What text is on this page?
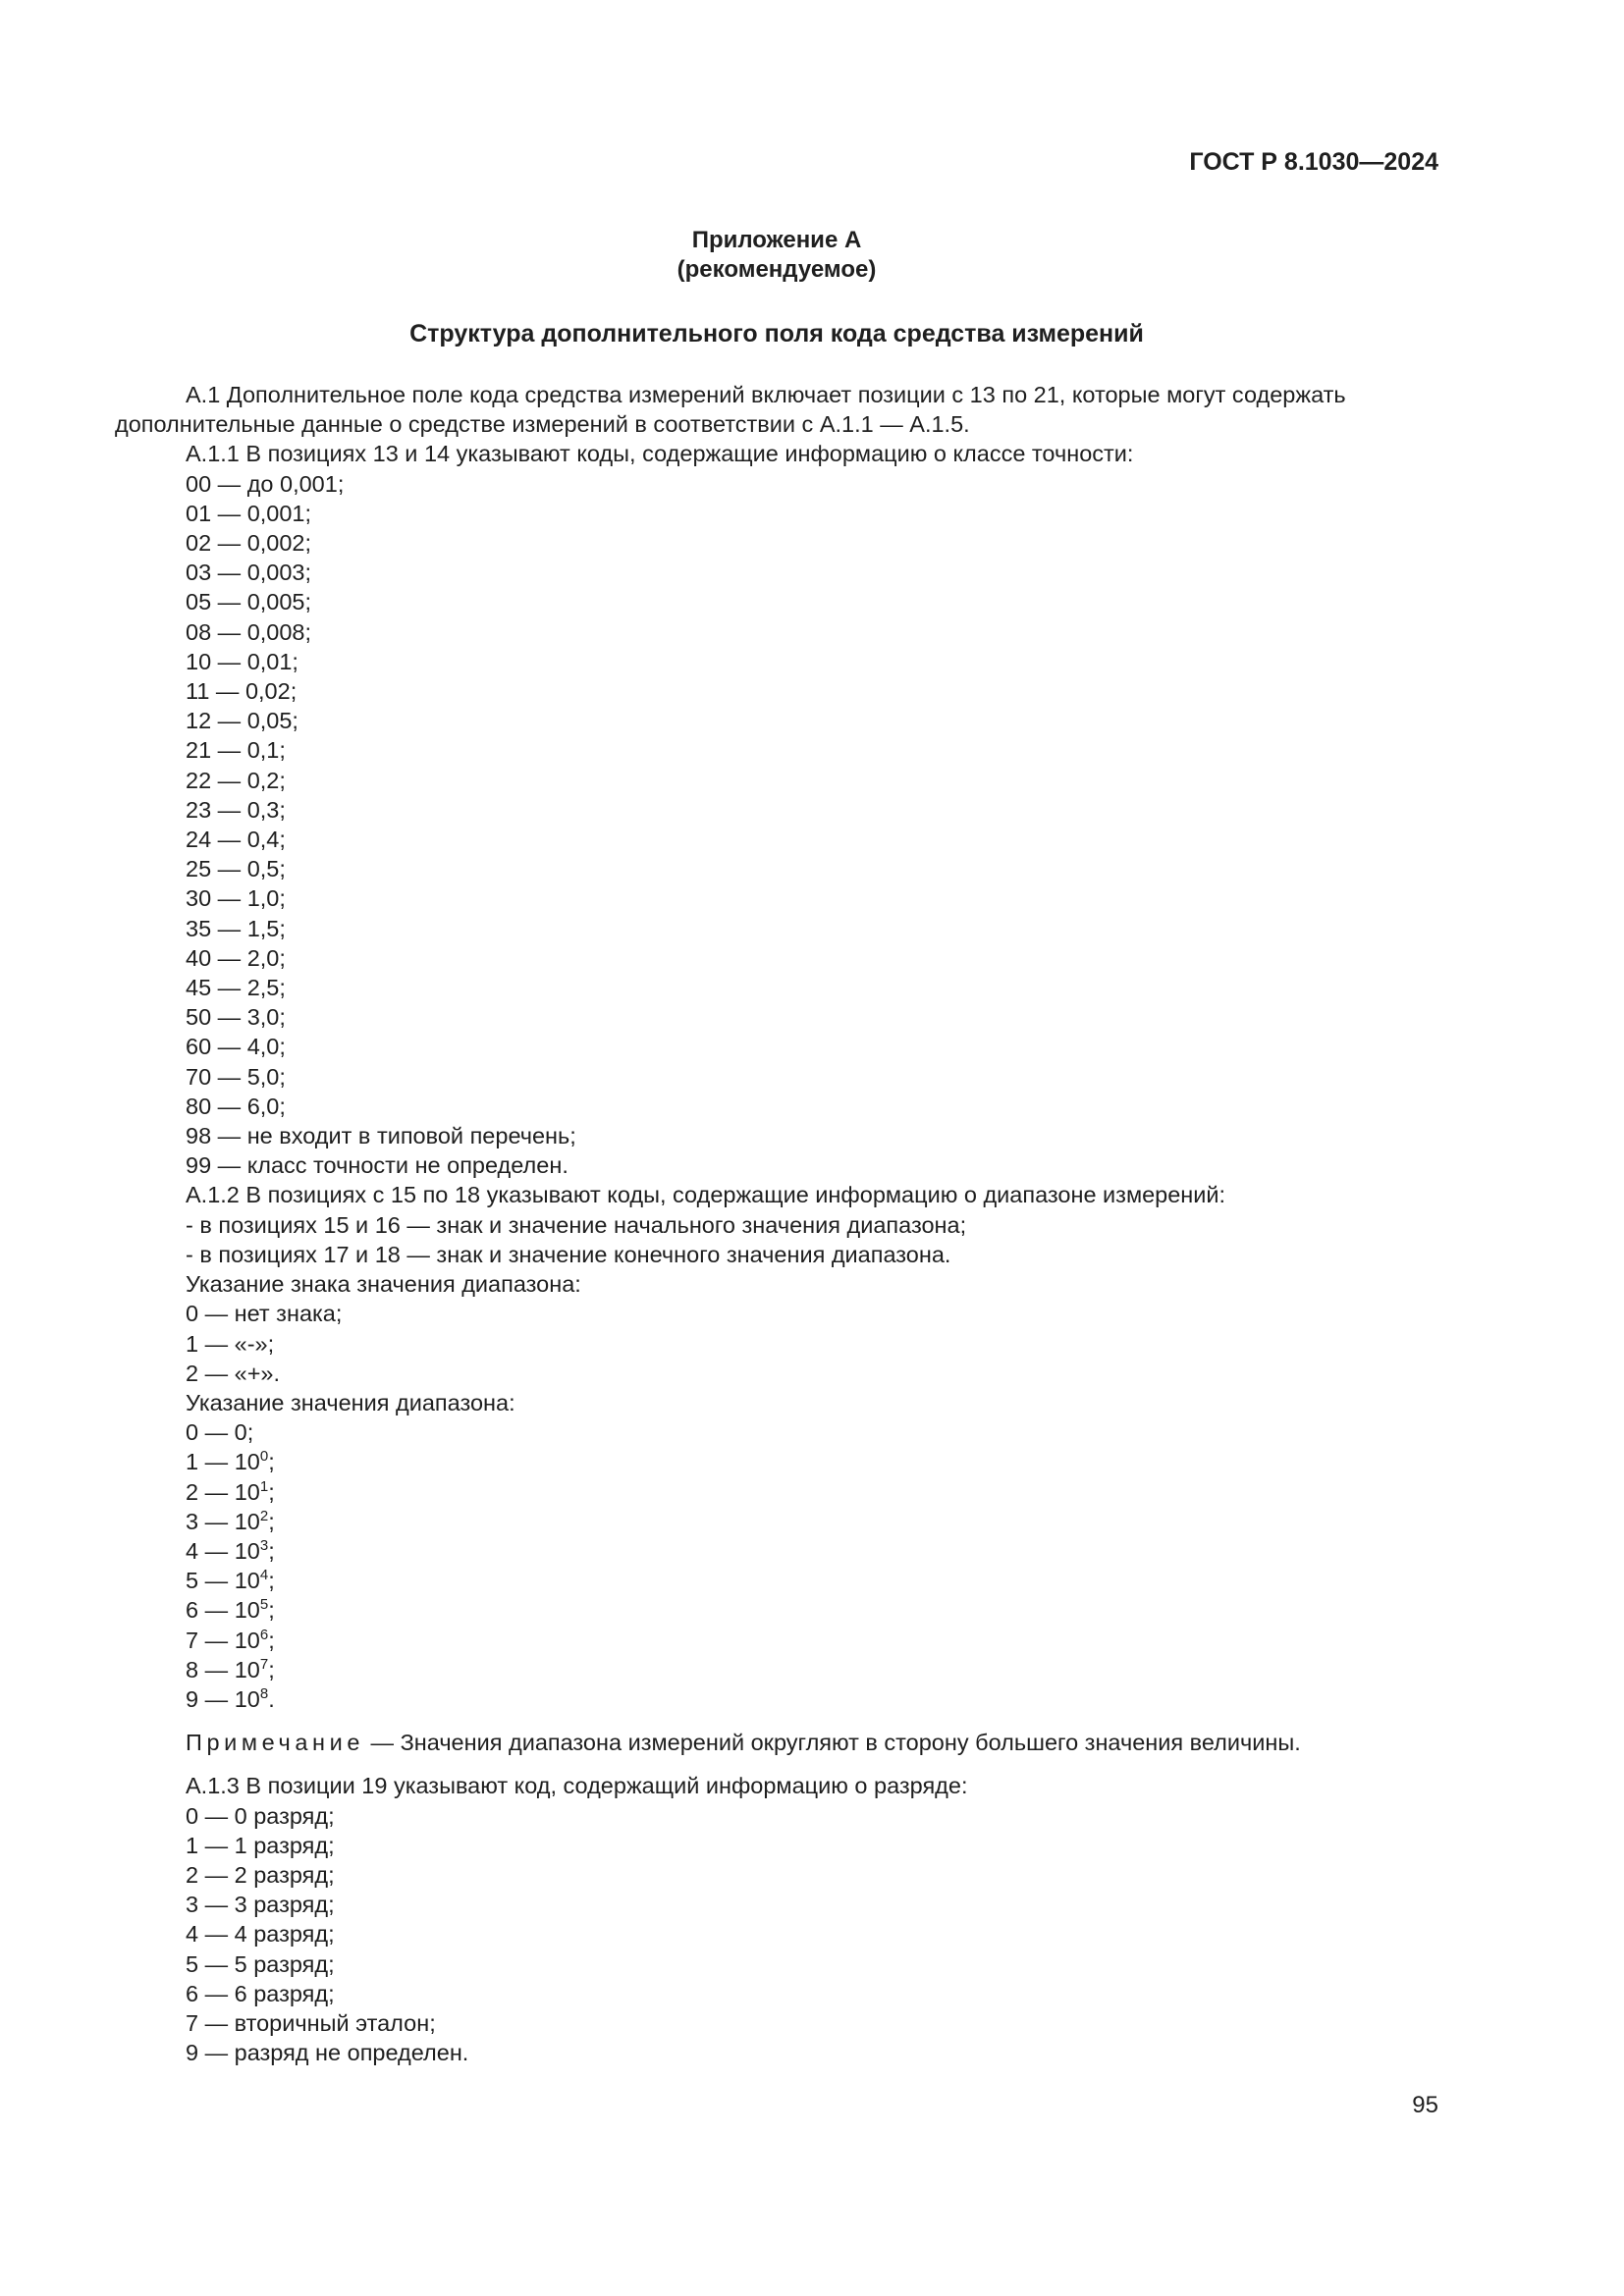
ГОСТ Р 8.1030—2024
Приложение А
(рекомендуемое)
Структура дополнительного поля кода средства измерений

А.1 Дополнительное поле кода средства измерений включает позиции с 13 по 21, которые могут содержать дополнительные данные о средстве измерений в соответствии с А.1.1 — А.1.5.

А.1.1 В позициях 13 и 14 указывают коды, содержащие информацию о классе точности:

00 — до 0,001;
01 — 0,001;
02 — 0,002;
03 — 0,003;
05 — 0,005;
08 — 0,008;
10 — 0,01;
11 — 0,02;
12 — 0,05;
21 — 0,1;
22 — 0,2;
23 — 0,3;
24 — 0,4;
25 — 0,5;
30 — 1,0;
35 — 1,5;
40 — 2,0;
45 — 2,5;
50 — 3,0;
60 — 4,0;
70 — 5,0;
80 — 6,0;
98 — не входит в типовой перечень;
99 — класс точности не определен.

А.1.2 В позициях с 15 по 18 указывают коды, содержащие информацию о диапазоне измерений:

- в позициях 15 и 16 — знак и значение начального значения диапазона;
- в позициях 17 и 18 — знак и значение конечного значения диапазона.
Указание знака значения диапазона:
0 — нет знака;
1 — «-»;
2 — «+».
Указание значения диапазона:
0 — 0;
1 — $10^0$;
2 — $10^1$;
3 — $10^2$;
4 — $10^3$;
5 — $10^4$;
6 — $10^5$;
7 — $10^6$;
8 — $10^7$;
9 — $10^8$.

Примечание — Значения диапазона измерений округляют в сторону большего значения величины.

А.1.3 В позиции 19 указывают код, содержащий информацию о разряде:

0 — 0 разряд;
1 — 1 разряд;
2 — 2 разряд;
3 — 3 разряд;
4 — 4 разряд;
5 — 5 разряд;
6 — 6 разряд;
7 — вторичный эталон;
9 — разряд не определен.
95
